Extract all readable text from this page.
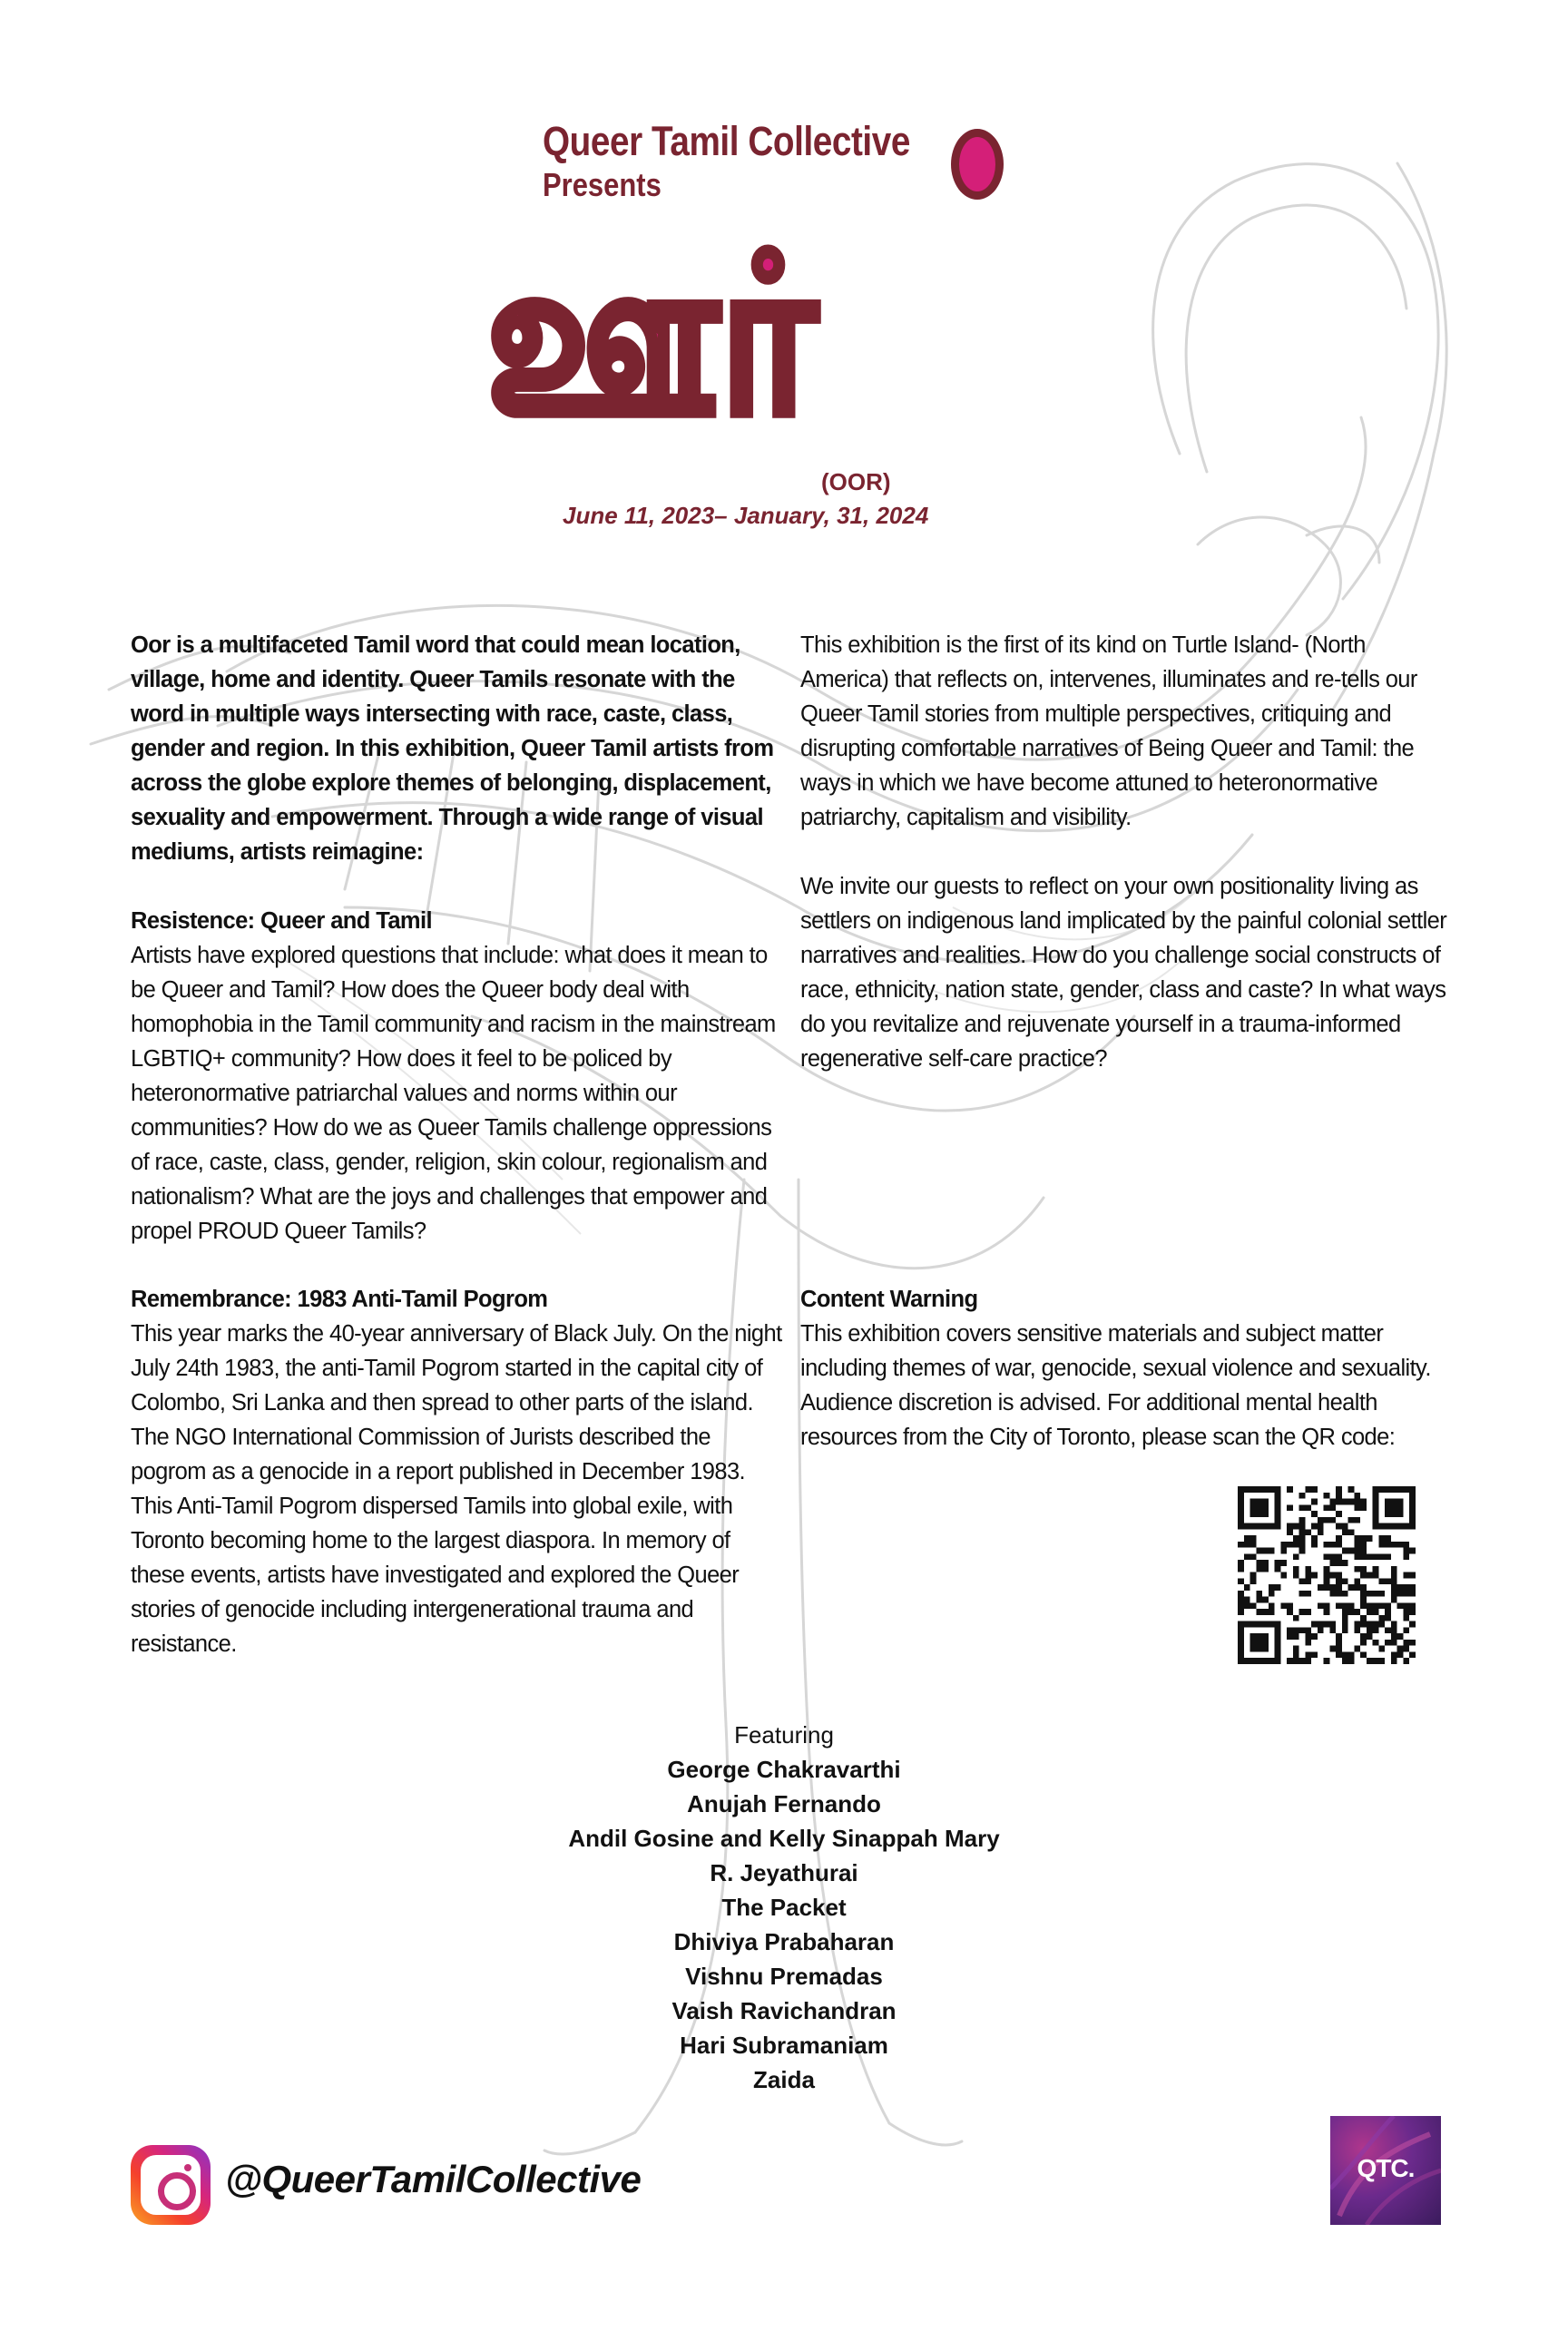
Queer Tamil Collective
Presents
ஊர்
(OOR)
June 11, 2023– January, 31, 2024

Oor is a multifaceted Tamil word that could mean location, village, home and identity. Queer Tamils resonate with the word in multiple ways intersecting with race, caste, class, gender and region. In this exhibition, Queer Tamil artists from across the globe explore themes of belonging, displacement, sexuality and empowerment. Through a wide range of visual mediums, artists reimagine:

Resistence: Queer and Tamil

Artists have explored questions that include: what does it mean to be Queer and Tamil? How does the Queer body deal with homophobia in the Tamil community and racism in the mainstream LGBTIQ+ community? How does it feel to be policed by heteronormative patriarchal values and norms within our communities? How do we as Queer Tamils challenge oppressions of race, caste, class, gender, religion, skin colour, regionalism and nationalism? What are the joys and challenges that empower and propel PROUD Queer Tamils?

This exhibition is the first of its kind on Turtle Island- (North America) that reflects on, intervenes, illuminates and re-tells our Queer Tamil stories from multiple perspectives, critiquing and disrupting comfortable narratives of Being Queer and Tamil: the ways in which we have become attuned to heteronormative patriarchy, capitalism and visibility.

We invite our guests to reflect on your own positionality living as settlers on indigenous land implicated by the painful colonial settler narratives and realities. How do you challenge social constructs of race, ethnicity, nation state, gender, class and caste? In what ways do you revitalize and rejuvenate yourself in a trauma-informed regenerative self-care practice?

Remembrance: 1983 Anti-Tamil Pogrom

This year marks the 40-year anniversary of Black July. On the night July 24th 1983, the anti-Tamil Pogrom started in the capital city of Colombo, Sri Lanka and then spread to other parts of the island. The NGO International Commission of Jurists described the pogrom as a genocide in a report published in December 1983. This Anti-Tamil Pogrom dispersed Tamils into global exile, with Toronto becoming home to the largest diaspora. In memory of these events, artists have investigated and explored the Queer stories of genocide including intergenerational trauma and resistance.

Content Warning

This exhibition covers sensitive materials and subject matter including themes of war, genocide, sexual violence and sexuality. Audience discretion is advised. For additional mental health resources from the City of Toronto, please scan the QR code:

Featuring
George Chakravarthi
Anujah Fernando
Andil Gosine and Kelly Sinappah Mary
R. Jeyathurai
The Packet
Dhiviya Prabaharan
Vishnu Premadas
Vaish Ravichandran
Hari Subramaniam
Zaida
@QueerTamilCollective	QTC.
